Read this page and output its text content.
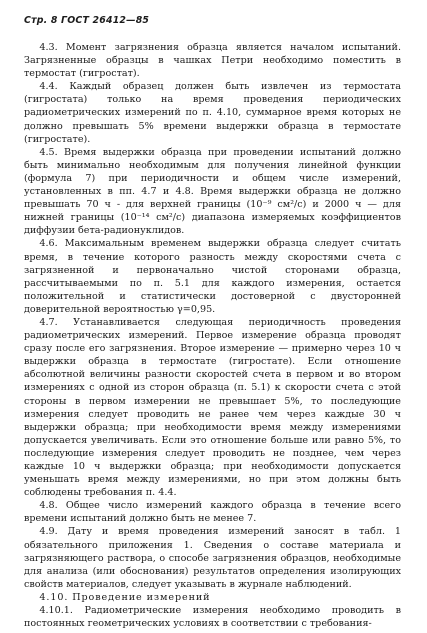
Стр. 8 ГОСТ 26412—85

4.3. Момент загрязнения образца является началом испытаний. Загрязненные образцы в чашках Петри необходимо поместить в термостат (гигростат).

4.4. Каждый образец должен быть извлечен из термостата (гигростата) только на время проведения периодических радиометрических измерений по п. 4.10, суммарное время которых не должно превышать 5% времени выдержки образца в термостате (гигростате).

4.5. Время выдержки образца при проведении испытаний должно быть минимально необходимым для получения линейной функции (формула 7) при периодичности и общем числе измерений, установленных в пп. 4.7 и 4.8. Время выдержки образца не должно превышать 70 ч - для верхней границы (10⁻⁹ см²/с) и 2000 ч — для нижней границы (10⁻¹⁴ см²/с) диапазона измеряемых коэффициентов диффузии бета-радионуклидов.

4.6. Максимальным временем выдержки образца следует считать время, в течение которого разность между скоростями счета с загрязненной и первоначально чистой сторонами образца, рассчитываемыми по п. 5.1 для каждого измерения, остается положительной и статистически достоверной с двусторонней доверительной вероятностью γ=0,95.

4.7. Устанавливается следующая периодичность проведения радиометрических измерений. Первое измерение образца проводят сразу после его загрязнения. Второе измерение — примерно через 10 ч выдержки образца в термостате (гигростате). Если отношение абсолютной величины разности скоростей счета в первом и во втором измерениях с одной из сторон образца (п. 5.1) к скорости счета с этой стороны в первом измерении не превышает 5%, то последующие измерения следует проводить не ранее чем через каждые 30 ч выдержки образца; при необходимости время между измерениями допускается увеличивать. Если это отношение больше или равно 5%, то последующие измерения следует проводить не позднее, чем через каждые 10 ч выдержки образца; при необходимости допускается уменьшать время между измерениями, но при этом должны быть соблюдены требования п. 4.4.

4.8. Общее число измерений каждого образца в течение всего времени испытаний должно быть не менее 7.

4.9. Дату и время проведения измерений заносят в табл. 1 обязательного приложения 1. Сведения о составе материала и загрязняющего раствора, о способе загрязнения образцов, необходимые для анализа (или обоснования) результатов определения изолирующих свойств материалов, следует указывать в журнале наблюдений.

4.10. Проведение измерений

4.10.1. Радиометрические измерения необходимо проводить в постоянных геометрических условиях в соответствии с требования-
